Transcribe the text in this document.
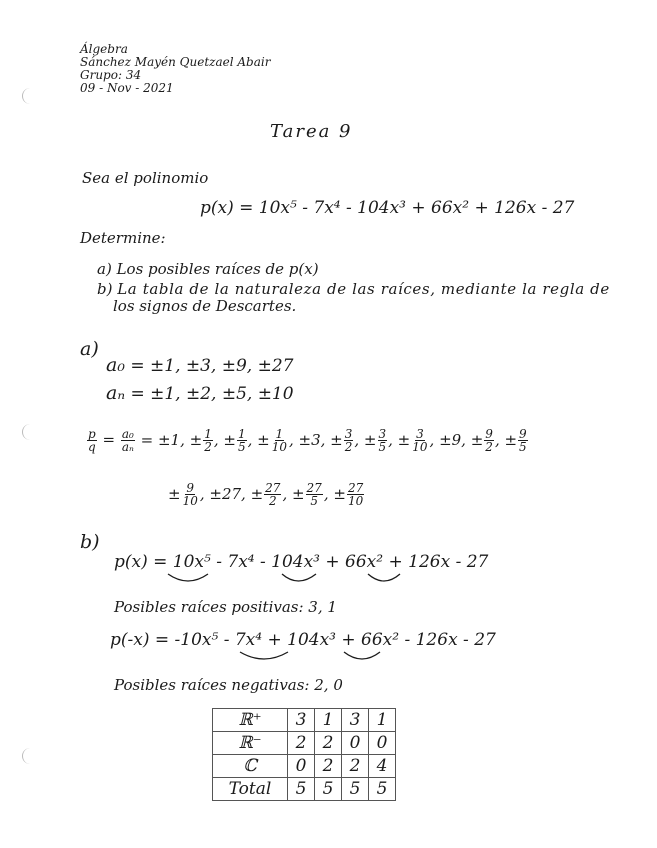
Álgebra
Sánchez Mayén Quetzael Abair
Grupo: 34
09 - Nov - 2021
Tarea 9
Sea el polinomio
p(x) = 10x⁵ - 7x⁴ - 104x³ + 66x² + 126x - 27
Determine:
a) Los posibles raíces de p(x)
b) La tabla de la naturaleza de las raíces, mediante la regla de
los signos de Descartes.
a)
a₀ = ±1, ±3, ±9, ±27
aₙ = ±1, ±2, ±5, ±10
$\frac{p}{q} = \frac{\text{a₀}}{\text{aₙ}} = \pm 1$, ± $\frac{1}{2}$ , ± $\frac{1}{5}$ , ± $\frac{1}{10}$ , ±3, ± $\frac{3}{2}$ , ± $\frac{3}{5}$ , ± $\frac{3}{10}$ , ±9, ± $\frac{9}{2}$ , ± $\frac{9}{5}$
± $\frac{9}{10}$ , ±27, ± $\frac{27}{2}$ , ± $\frac{27}{5}$ , ± $\frac{27}{10}$
b)
p(x) = 10x⁵ - 7x⁴ - 104x³ + 66x² + 126x - 27
Posibles raíces positivas: 3, 1
p(-x) = -10x⁵ - 7x⁴ + 104x³ + 66x² - 126x - 27
Posibles raíces negativas: 2, 0
ℝ⁺	3	1	3	1
ℝ⁻	2	2	0	0
ℂ	0	2	2	4
Total	5	5	5	5
